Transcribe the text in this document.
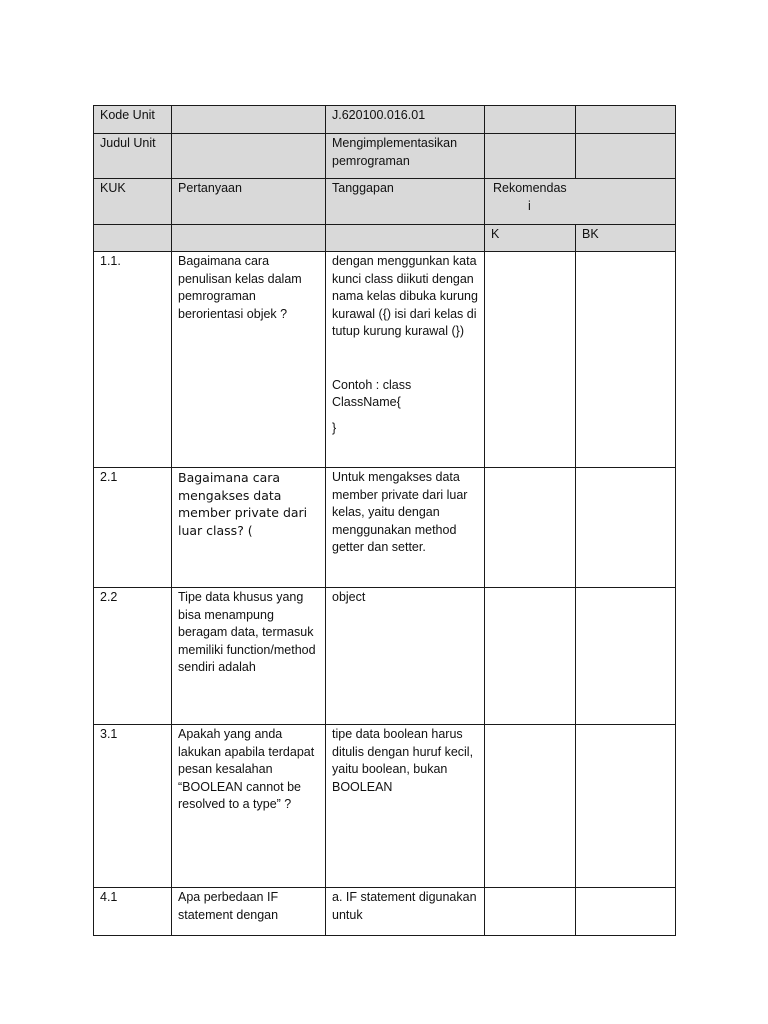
Kode Unit		J.620100.016.01		
Judul Unit		Mengimplementasikan pemrograman		
KUK	Pertanyaan	Tanggapan	Rekomendas
i	

			K	BK
1.1.	Bagaimana cara penulisan kelas dalam pemrograman berorientasi objek ?	dengan menggunkan kata kunci class diikuti dengan nama kelas dibuka kurung kurawal ({) isi dari kelas di tutup kurung kurawal (})
Contoh : class ClassName{
}		

2.1	Bagaimana cara mengakses data member private dari luar class? (	Untuk mengakses data member private dari luar kelas, yaitu dengan menggunakan method getter dan setter.		
2.2	Tipe data khusus yang bisa menampung beragam data, termasuk memiliki function/method sendiri adalah	object		
3.1	Apakah yang anda lakukan apabila terdapat pesan kesalahan “BOOLEAN cannot be resolved to a type” ?	tipe data boolean harus ditulis dengan huruf kecil, yaitu boolean, bukan BOOLEAN		
4.1	Apa perbedaan IF statement dengan	a. IF statement digunakan untuk		
